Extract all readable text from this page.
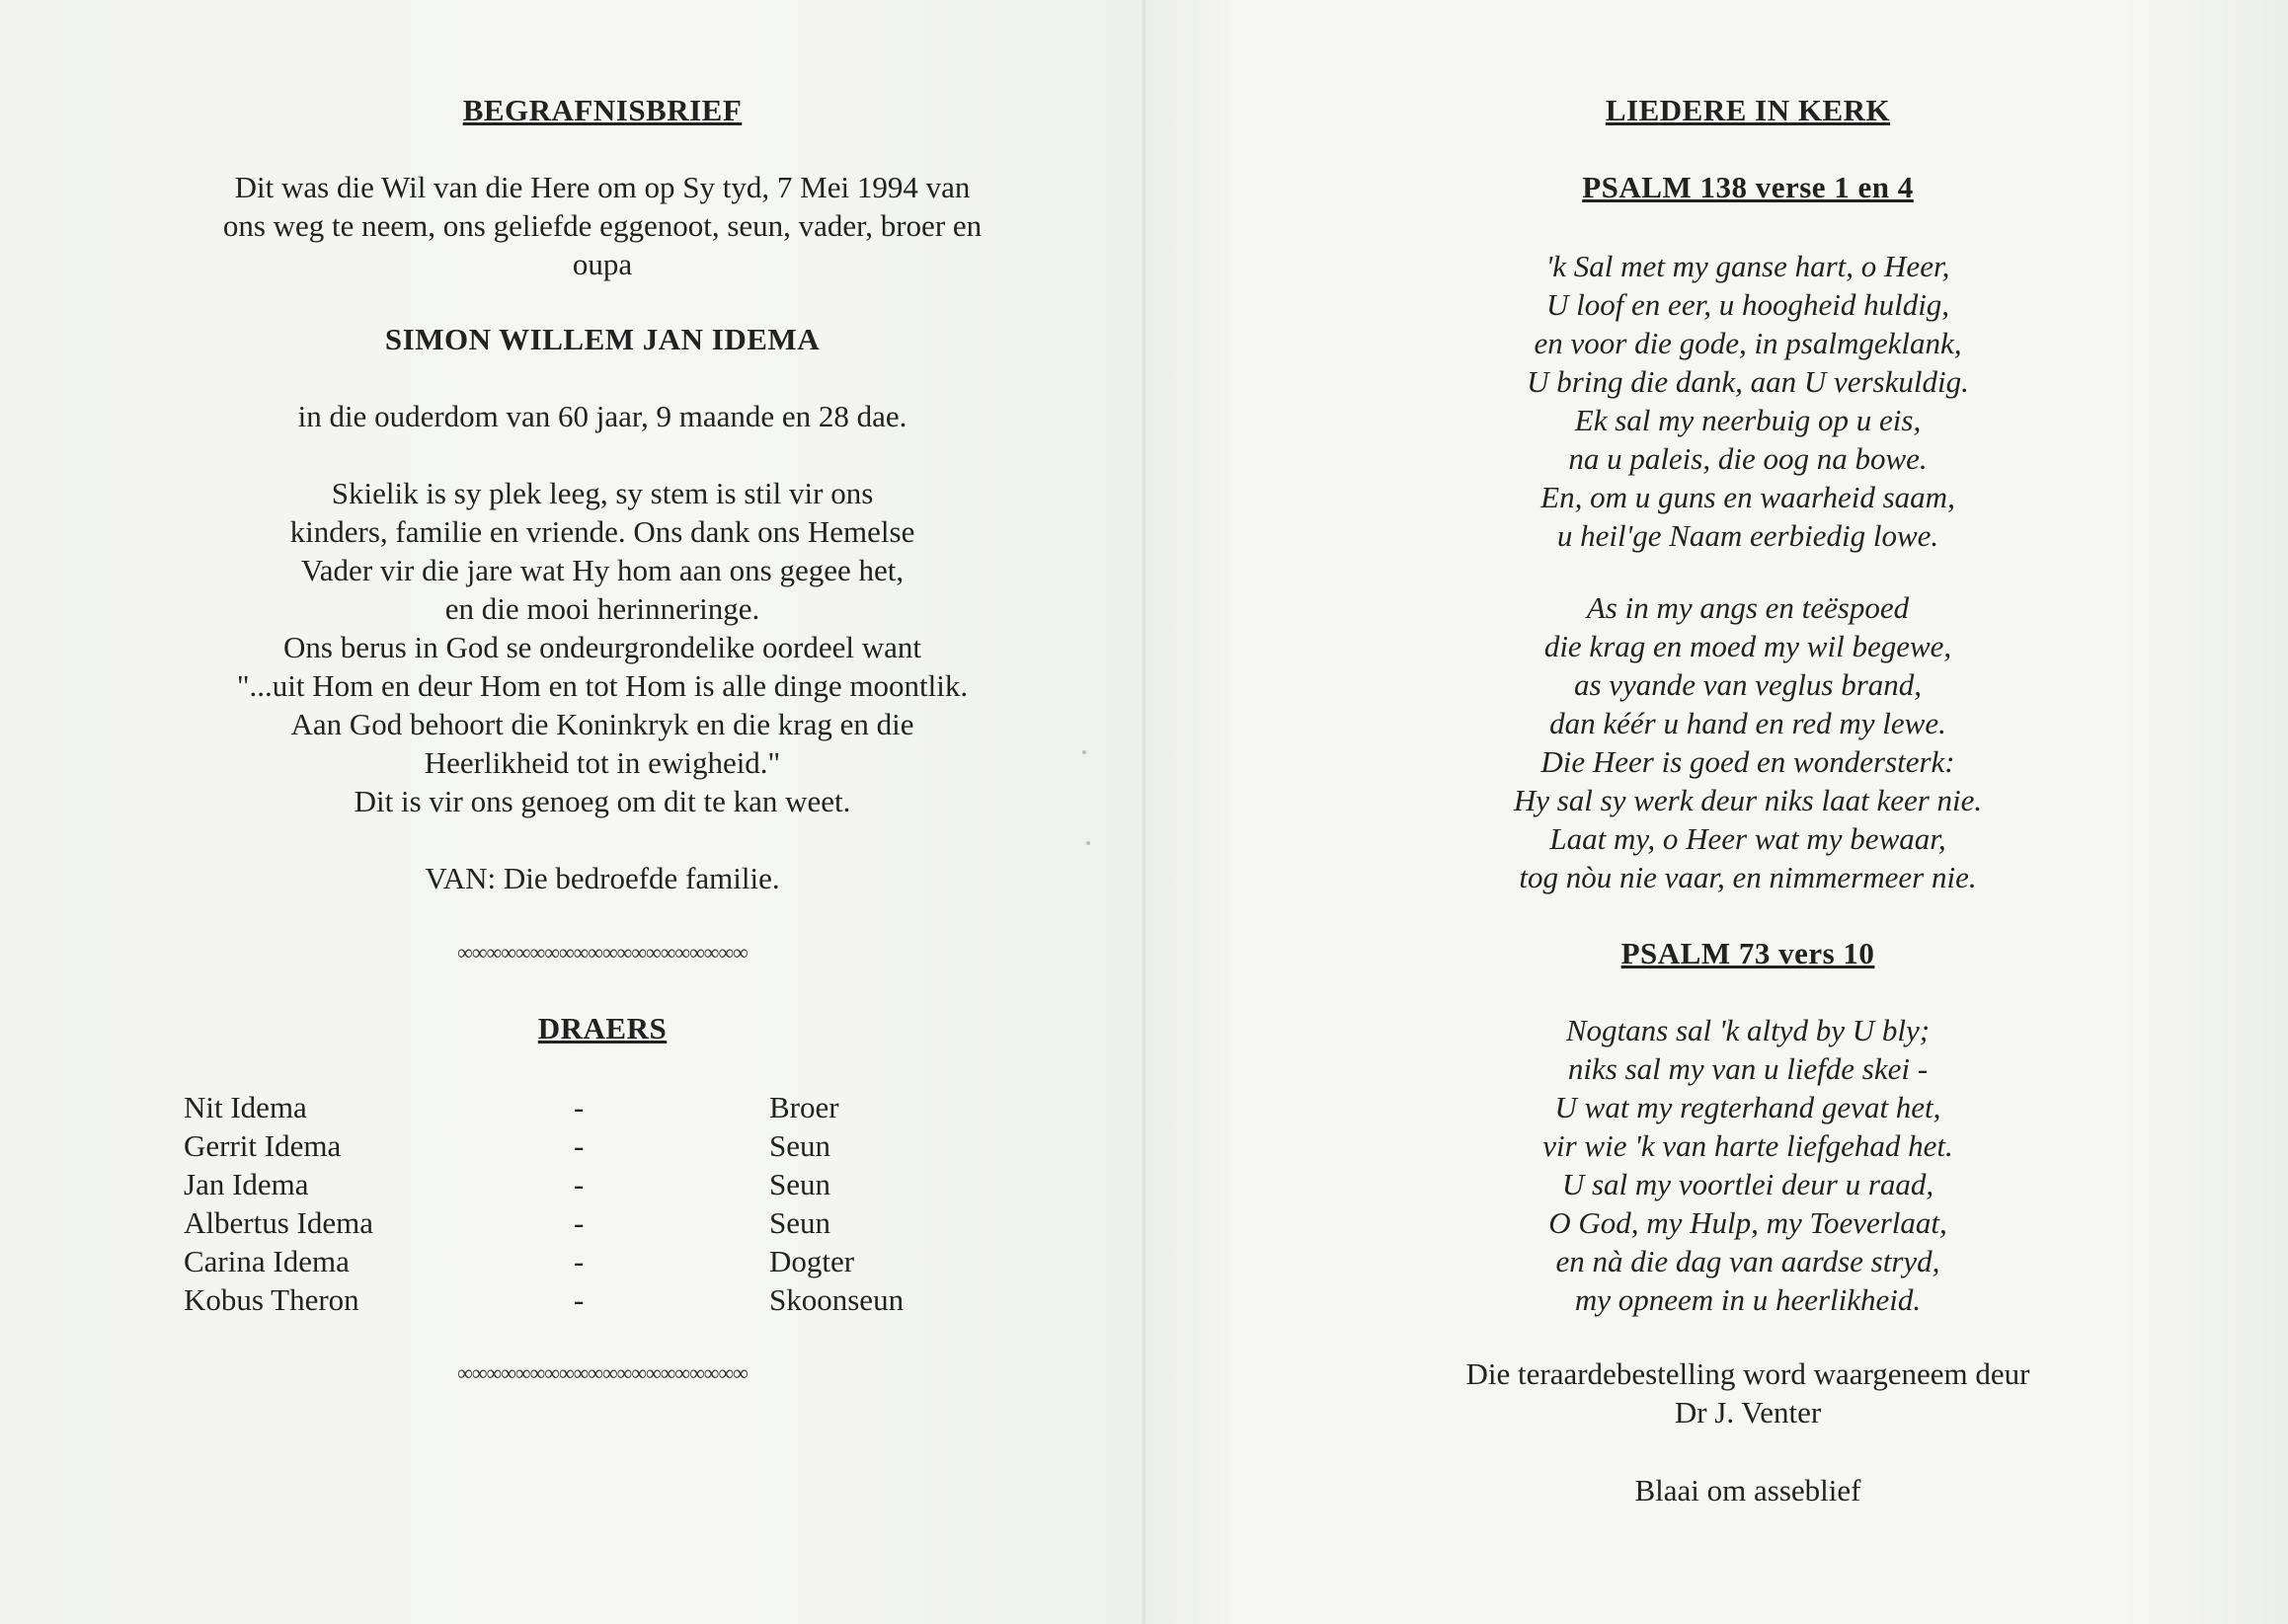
BEGRAFNISBRIEF
Dit was die Wil van die Here om op Sy tyd, 7 Mei 1994 van
ons weg te neem, ons geliefde eggenoot, seun, vader, broer en
oupa
SIMON WILLEM JAN IDEMA
in die ouderdom van 60 jaar, 9 maande en 28 dae.
Skielik is sy plek leeg, sy stem is stil vir ons
kinders, familie en vriende. Ons dank ons Hemelse
Vader vir die jare wat Hy hom aan ons gegee het,
en die mooi herinneringe.
Ons berus in God se ondeurgrondelike oordeel want
"...uit Hom en deur Hom en tot Hom is alle dinge moontlik.
Aan God behoort die Koninkryk en die krag en die
Heerlikheid tot in ewigheid."
Dit is vir ons genoeg om dit te kan weet.
VAN: Die bedroefde familie.
∞∞∞∞∞∞∞∞∞∞∞∞∞∞∞∞∞∞∞∞
DRAERS
Nit Idema	-	Broer
Gerrit Idema	-	Seun
Jan Idema	-	Seun
Albertus Idema	-	Seun
Carina Idema	-	Dogter
Kobus Theron	-	Skoonseun
∞∞∞∞∞∞∞∞∞∞∞∞∞∞∞∞∞∞∞∞
LIEDERE IN KERK
PSALM 138 verse 1 en 4
'k Sal met my ganse hart, o Heer,
U loof en eer, u hoogheid huldig,
en voor die gode, in psalmgeklank,
U bring die dank, aan U verskuldig.
Ek sal my neerbuig op u eis,
na u paleis, die oog na bowe.
En, om u guns en waarheid saam,
u heil'ge Naam eerbiedig lowe.
As in my angs en teëspoed
die krag en moed my wil begewe,
as vyande van veglus brand,
dan kéér u hand en red my lewe.
Die Heer is goed en wondersterk:
Hy sal sy werk deur niks laat keer nie.
Laat my, o Heer wat my bewaar,
tog nòu nie vaar, en nimmermeer nie.
PSALM 73 vers 10
Nogtans sal 'k altyd by U bly;
niks sal my van u liefde skei -
U wat my regterhand gevat het,
vir wie 'k van harte liefgehad het.
U sal my voortlei deur u raad,
O God, my Hulp, my Toeverlaat,
en nà die dag van aardse stryd,
my opneem in u heerlikheid.
Die teraardebestelling word waargeneem deur
Dr J. Venter
Blaai om asseblief
